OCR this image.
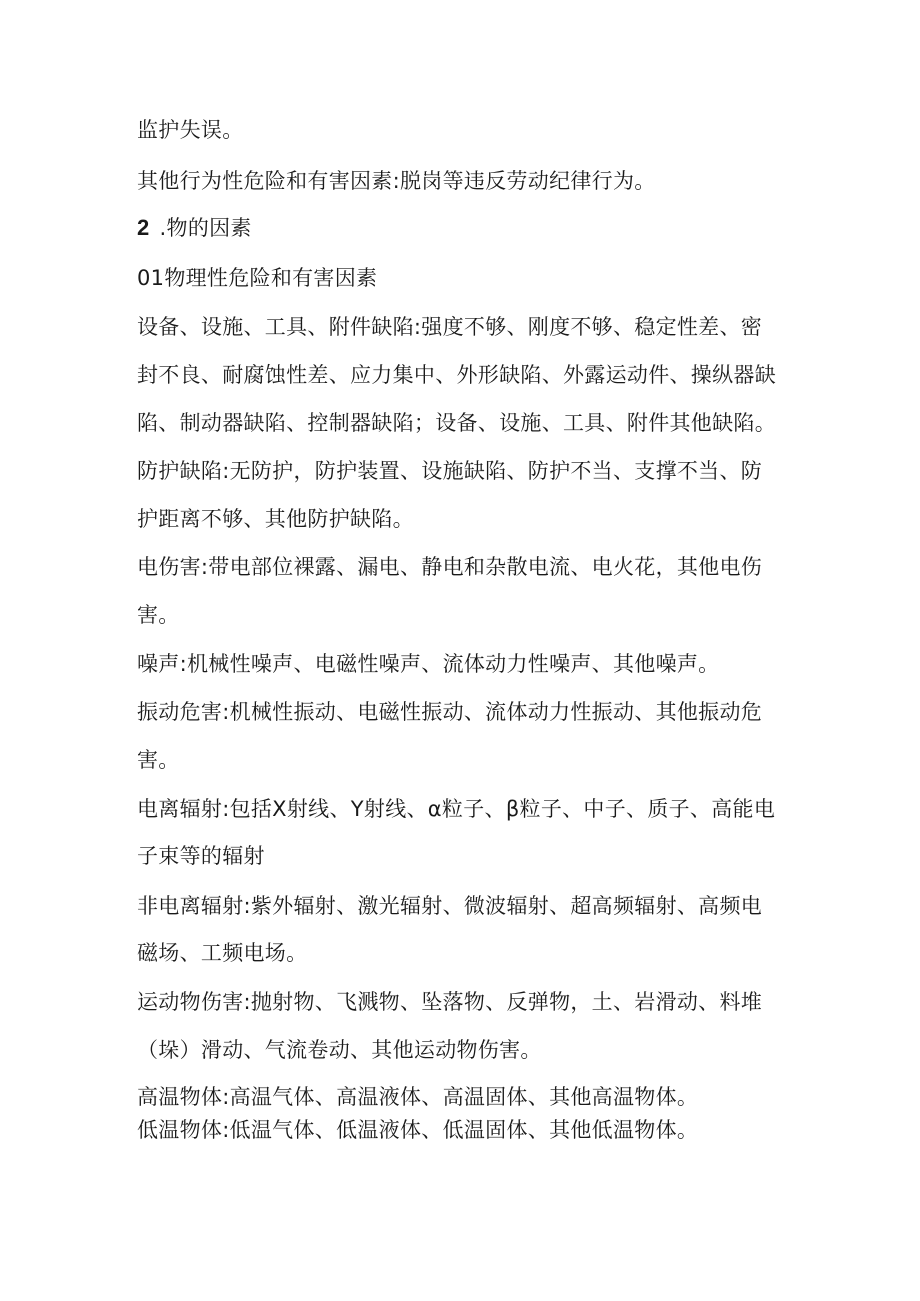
监护失误。
其他行为性危险和有害因素:脱岗等违反劳动纪律行为。
2 .物的因素
01物理性危险和有害因素
设备、设施、工具、附件缺陷:强度不够、刚度不够、稳定性差、密
封不良、耐腐蚀性差、应力集中、外形缺陷、外露运动件、操纵器缺
陷、制动器缺陷、控制器缺陷；设备、设施、工具、附件其他缺陷。
防护缺陷:无防护，防护装置、设施缺陷、防护不当、支撑不当、防
护距离不够、其他防护缺陷。
电伤害:带电部位裸露、漏电、静电和杂散电流、电火花，其他电伤
害。
噪声:机械性噪声、电磁性噪声、流体动力性噪声、其他噪声。
振动危害:机械性振动、电磁性振动、流体动力性振动、其他振动危
害。
电离辐射:包括X射线、Y射线、α粒子、β粒子、中子、质子、高能电
子束等的辐射
非电离辐射:紫外辐射、激光辐射、微波辐射、超高频辐射、高频电
磁场、工频电场。
运动物伤害:抛射物、飞溅物、坠落物、反弹物，土、岩滑动、料堆
（垛）滑动、气流卷动、其他运动物伤害。
高温物体:高温气体、高温液体、高温固体、其他高温物体。
低温物体:低温气体、低温液体、低温固体、其他低温物体。
